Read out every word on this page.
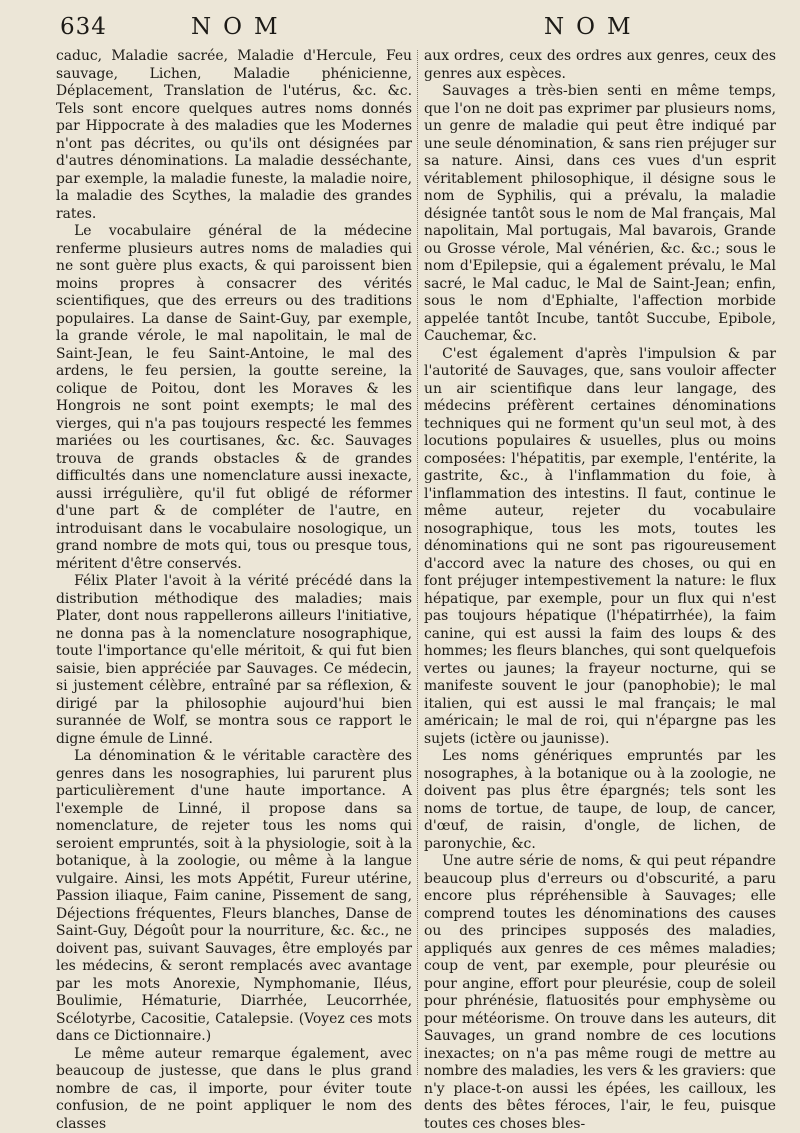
634	NOM	NOM

caduc, Maladie sacrée, Maladie d'Hercule, Feu sauvage, Lichen, Maladie phénicienne, Déplacement, Translation de l'utérus, &c. &c. Tels sont encore quelques autres noms donnés par Hippocrate à des maladies que les Modernes n'ont pas décrites, ou qu'ils ont désignées par d'autres dénominations. La maladie desséchante, par exemple, la maladie funeste, la maladie noire, la maladie des Scythes, la maladie des grandes rates.

Le vocabulaire général de la médecine renferme plusieurs autres noms de maladies qui ne sont guère plus exacts, & qui paroissent bien moins propres à consacrer des vérités scientifiques, que des erreurs ou des traditions populaires. La danse de Saint-Guy, par exemple, la grande vérole, le mal napolitain, le mal de Saint-Jean, le feu Saint-Antoine, le mal des ardens, le feu persien, la goutte sereine, la colique de Poitou, dont les Moraves & les Hongrois ne sont point exempts; le mal des vierges, qui n'a pas toujours respecté les femmes mariées ou les courtisanes, &c. &c. Sauvages trouva de grands obstacles & de grandes difficultés dans une nomenclature aussi inexacte, aussi irrégulière, qu'il fut obligé de réformer d'une part & de compléter de l'autre, en introduisant dans le vocabulaire nosologique, un grand nombre de mots qui, tous ou presque tous, méritent d'être conservés.

Félix Plater l'avoit à la vérité précédé dans la distribution méthodique des maladies; mais Plater, dont nous rappellerons ailleurs l'initiative, ne donna pas à la nomenclature nosographique, toute l'importance qu'elle méritoit, & qui fut bien saisie, bien appréciée par Sauvages. Ce médecin, si justement célèbre, entraîné par sa réflexion, & dirigé par la philosophie aujourd'hui bien surannée de Wolf, se montra sous ce rapport le digne émule de Linné.

La dénomination & le véritable caractère des genres dans les nosographies, lui parurent plus particulièrement d'une haute importance. A l'exemple de Linné, il propose dans sa nomenclature, de rejeter tous les noms qui seroient empruntés, soit à la physiologie, soit à la botanique, à la zoologie, ou même à la langue vulgaire. Ainsi, les mots Appétit, Fureur utérine, Passion iliaque, Faim canine, Pissement de sang, Déjections fréquentes, Fleurs blanches, Danse de Saint-Guy, Dégoût pour la nourriture, &c. &c., ne doivent pas, suivant Sauvages, être employés par les médecins, & seront remplacés avec avantage par les mots Anorexie, Nymphomanie, Iléus, Boulimie, Hématurie, Diarrhée, Leucorrhée, Scélotyrbe, Cacositie, Catalepsie. (Voyez ces mots dans ce Dictionnaire.)

Le même auteur remarque également, avec beaucoup de justesse, que dans le plus grand nombre de cas, il importe, pour éviter toute confusion, de ne point appliquer le nom des classes

aux ordres, ceux des ordres aux genres, ceux des genres aux espèces.

Sauvages a très-bien senti en même temps, que l'on ne doit pas exprimer par plusieurs noms, un genre de maladie qui peut être indiqué par une seule dénomination, & sans rien préjuger sur sa nature. Ainsi, dans ces vues d'un esprit véritablement philosophique, il désigne sous le nom de Syphilis, qui a prévalu, la maladie désignée tantôt sous le nom de Mal français, Mal napolitain, Mal portugais, Mal bavarois, Grande ou Grosse vérole, Mal vénérien, &c. &c.; sous le nom d'Epilepsie, qui a également prévalu, le Mal sacré, le Mal caduc, le Mal de Saint-Jean; enfin, sous le nom d'Ephialte, l'affection morbide appelée tantôt Incube, tantôt Succube, Epibole, Cauchemar, &c.

C'est également d'après l'impulsion & par l'autorité de Sauvages, que, sans vouloir affecter un air scientifique dans leur langage, des médecins préfèrent certaines dénominations techniques qui ne forment qu'un seul mot, à des locutions populaires & usuelles, plus ou moins composées: l'hépatitis, par exemple, l'entérite, la gastrite, &c., à l'inflammation du foie, à l'inflammation des intestins. Il faut, continue le même auteur, rejeter du vocabulaire nosographique, tous les mots, toutes les dénominations qui ne sont pas rigoureusement d'accord avec la nature des choses, ou qui en font préjuger intempestivement la nature: le flux hépatique, par exemple, pour un flux qui n'est pas toujours hépatique (l'hépatirrhée), la faim canine, qui est aussi la faim des loups & des hommes; les fleurs blanches, qui sont quelquefois vertes ou jaunes; la frayeur nocturne, qui se manifeste souvent le jour (panophobie); le mal italien, qui est aussi le mal français; le mal américain; le mal de roi, qui n'épargne pas les sujets (ictère ou jaunisse).

Les noms génériques empruntés par les nosographes, à la botanique ou à la zoologie, ne doivent pas plus être épargnés; tels sont les noms de tortue, de taupe, de loup, de cancer, d'œuf, de raisin, d'ongle, de lichen, de paronychie, &c.

Une autre série de noms, & qui peut répandre beaucoup plus d'erreurs ou d'obscurité, a paru encore plus répréhensible à Sauvages; elle comprend toutes les dénominations des causes ou des principes supposés des maladies, appliqués aux genres de ces mêmes maladies; coup de vent, par exemple, pour pleurésie ou pour angine, effort pour pleurésie, coup de soleil pour phrénésie, flatuosités pour emphysème ou pour météorisme. On trouve dans les auteurs, dit Sauvages, un grand nombre de ces locutions inexactes; on n'a pas même rougi de mettre au nombre des maladies, les vers & les graviers: que n'y place-t-on aussi les épées, les cailloux, les dents des bêtes féroces, l'air, le feu, puisque toutes ces choses bles-
